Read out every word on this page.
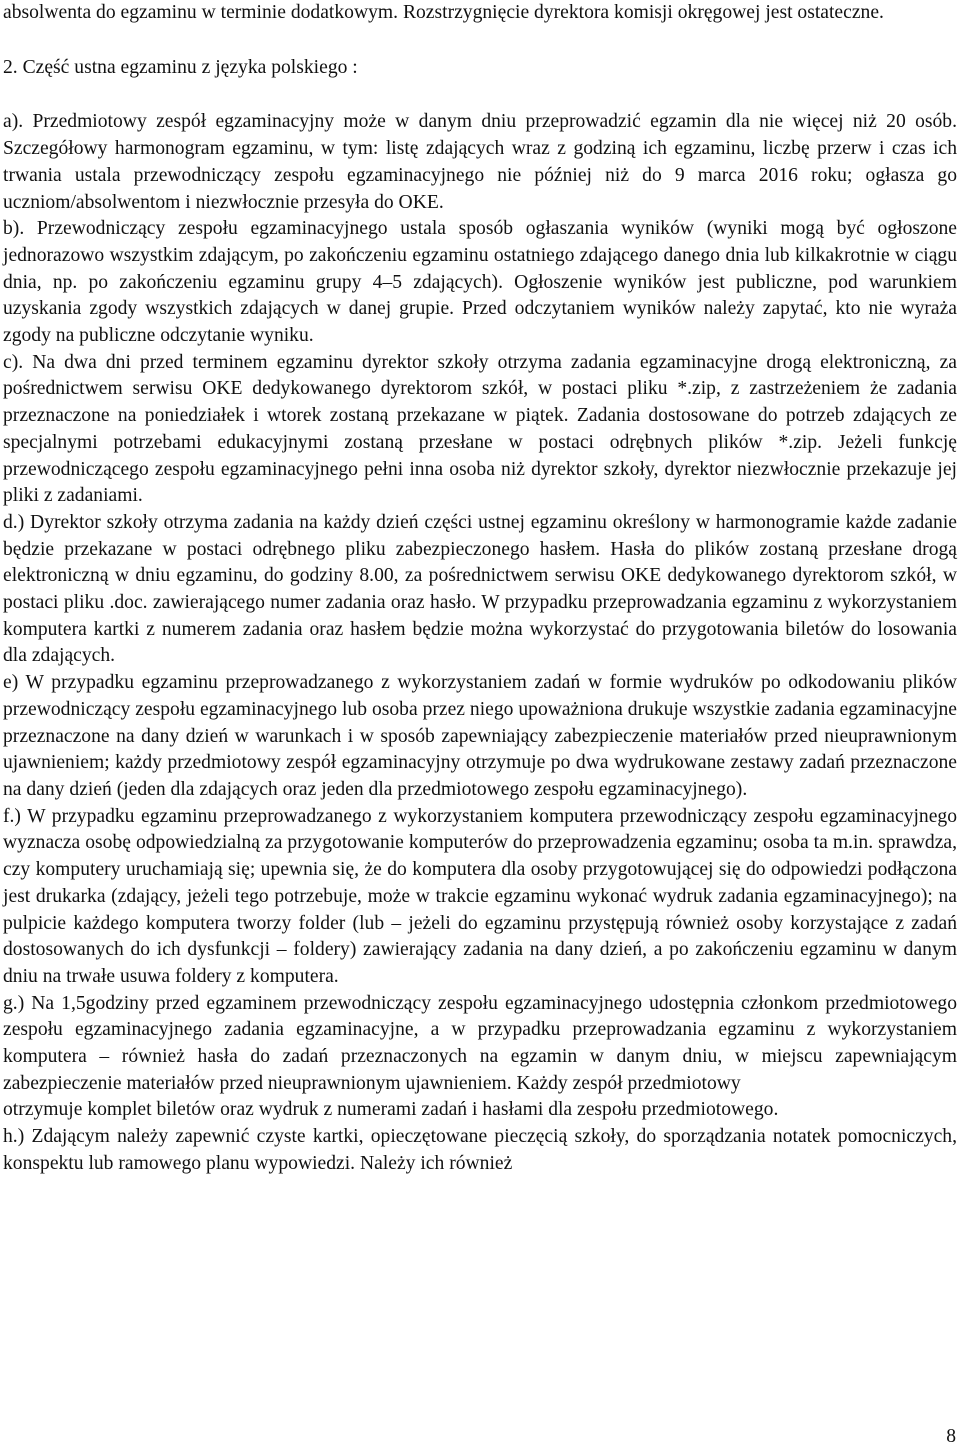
absolwenta do egzaminu w terminie dodatkowym. Rozstrzygnięcie dyrektora komisji okręgowej jest ostateczne.

2. Część ustna egzaminu z języka polskiego :

a). Przedmiotowy zespół egzaminacyjny może w danym dniu przeprowadzić egzamin dla nie więcej niż 20 osób. Szczegółowy harmonogram egzaminu, w tym: listę zdających wraz z godziną ich egzaminu, liczbę przerw i czas ich trwania ustala przewodniczący zespołu egzaminacyjnego nie później niż do 9 marca 2016 roku; ogłasza go uczniom/absolwentom i niezwłocznie przesyła do OKE.

b). Przewodniczący zespołu egzaminacyjnego ustala sposób ogłaszania wyników (wyniki mogą być ogłoszone jednorazowo wszystkim zdającym, po zakończeniu egzaminu ostatniego zdającego danego dnia lub kilkakrotnie w ciągu dnia, np. po zakończeniu egzaminu grupy 4–5 zdających). Ogłoszenie wyników jest publiczne, pod warunkiem uzyskania zgody wszystkich zdających w danej grupie. Przed odczytaniem wyników należy zapytać, kto nie wyraża zgody na publiczne odczytanie wyniku.

c). Na dwa dni przed terminem egzaminu dyrektor szkoły otrzyma zadania egzaminacyjne drogą elektroniczną, za pośrednictwem serwisu OKE dedykowanego dyrektorom szkół, w postaci pliku *.zip, z zastrzeżeniem że zadania przeznaczone na poniedziałek i wtorek zostaną przekazane w piątek. Zadania dostosowane do potrzeb zdających ze specjalnymi potrzebami edukacyjnymi zostaną przesłane w postaci odrębnych plików *.zip. Jeżeli funkcję przewodniczącego zespołu egzaminacyjnego pełni inna osoba niż dyrektor szkoły, dyrektor niezwłocznie przekazuje jej pliki z zadaniami.

d.) Dyrektor szkoły otrzyma zadania na każdy dzień części ustnej egzaminu określony w harmonogramie każde zadanie będzie przekazane w postaci odrębnego pliku zabezpieczonego hasłem. Hasła do plików zostaną przesłane drogą elektroniczną w dniu egzaminu, do godziny 8.00, za pośrednictwem serwisu OKE dedykowanego dyrektorom szkół, w postaci pliku .doc. zawierającego numer zadania oraz hasło. W przypadku przeprowadzania egzaminu z wykorzystaniem komputera kartki z numerem zadania oraz hasłem będzie można wykorzystać do przygotowania biletów do losowania dla zdających.

e) W przypadku egzaminu przeprowadzanego z wykorzystaniem zadań w formie wydruków po odkodowaniu plików przewodniczący zespołu egzaminacyjnego lub osoba przez niego upoważniona drukuje wszystkie zadania egzaminacyjne przeznaczone na dany dzień w warunkach i w sposób zapewniający zabezpieczenie materiałów przed nieuprawnionym ujawnieniem; każdy przedmiotowy zespół egzaminacyjny otrzymuje po dwa wydrukowane zestawy zadań przeznaczone na dany dzień (jeden dla zdających oraz jeden dla przedmiotowego zespołu egzaminacyjnego).

f.) W przypadku egzaminu przeprowadzanego z wykorzystaniem komputera przewodniczący zespołu egzaminacyjnego wyznacza osobę odpowiedzialną za przygotowanie komputerów do przeprowadzenia egzaminu; osoba ta m.in. sprawdza, czy komputery uruchamiają się; upewnia się, że do komputera dla osoby przygotowującej się do odpowiedzi podłączona jest drukarka (zdający, jeżeli tego potrzebuje, może w trakcie egzaminu wykonać wydruk zadania egzaminacyjnego); na pulpicie każdego komputera tworzy folder (lub – jeżeli do egzaminu przystępują również osoby korzystające z zadań dostosowanych do ich dysfunkcji – foldery) zawierający zadania na dany dzień, a po zakończeniu egzaminu w danym dniu na trwałe usuwa foldery z komputera.

g.) Na 1,5godziny przed egzaminem przewodniczący zespołu egzaminacyjnego udostępnia członkom przedmiotowego zespołu egzaminacyjnego zadania egzaminacyjne, a w przypadku przeprowadzania egzaminu z wykorzystaniem komputera – również hasła do zadań przeznaczonych na egzamin w danym dniu, w miejscu zapewniającym zabezpieczenie materiałów przed nieuprawnionym ujawnieniem. Każdy zespół przedmiotowy

otrzymuje komplet biletów oraz wydruk z numerami zadań i hasłami dla zespołu przedmiotowego.

h.) Zdającym należy zapewnić czyste kartki, opieczętowane pieczęcią szkoły, do sporządzania notatek pomocniczych, konspektu lub ramowego planu wypowiedzi. Należy ich również

8
